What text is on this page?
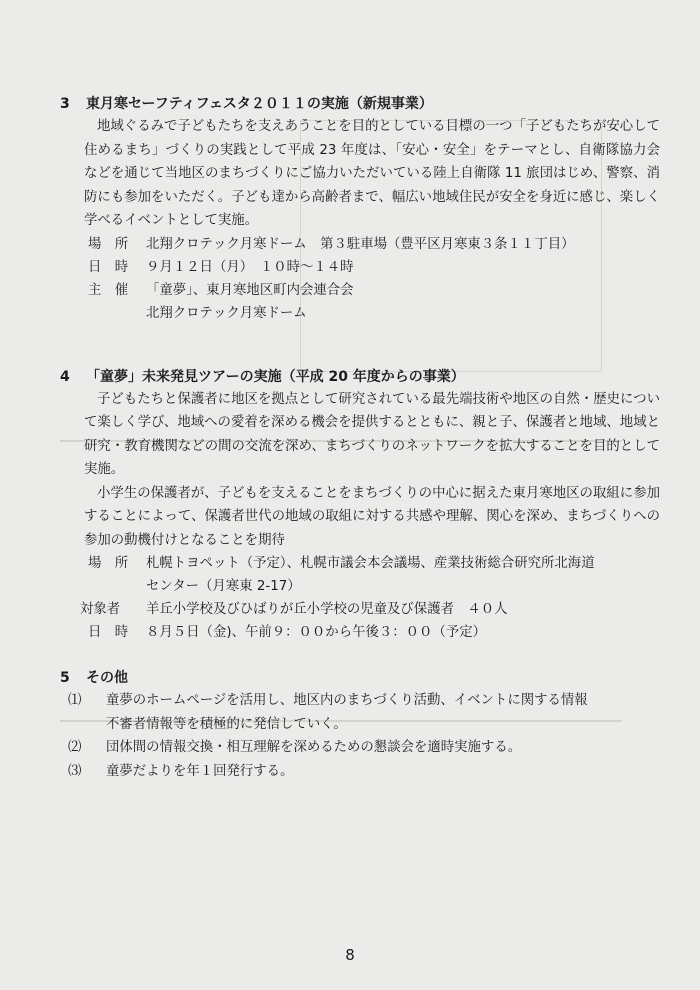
3 東月寒セーフティフェスタ２０１１の実施（新規事業）

地域ぐるみで子どもたちを支えあうことを目的としている目標の一つ「子どもたちが安心して住めるまち」づくりの実践として平成 23 年度は、「安心・安全」をテーマとし、自衛隊協力会などを通じて当地区のまちづくりにご協力いただいている陸上自衛隊 11 旅団はじめ、警察、消防にも参加をいただく。子ども達から高齢者まで、幅広い地域住民が安全を身近に感じ、楽しく学べるイベントとして実施。

場　所	北翔クロテック月寒ドーム　第３駐車場（豊平区月寒東３条１１丁目）
日　時	９月１２日（月）　１０時～１４時
主　催	「童夢」、東月寒地区町内会連合会
北翔クロテック月寒ドーム
4 「童夢」未来発見ツアーの実施（平成 20 年度からの事業）

子どもたちと保護者に地区を拠点として研究されている最先端技術や地区の自然・歴史について楽しく学び、地域への愛着を深める機会を提供するとともに、親と子、保護者と地域、地域と研究・教育機関などの間の交流を深め、まちづくりのネットワークを拡大することを目的として実施。

小学生の保護者が、子どもを支えることをまちづくりの中心に据えた東月寒地区の取組に参加することによって、保護者世代の地域の取組に対する共感や理解、関心を深め、まちづくりへの参加の動機付けとなることを期待

場　所	札幌トヨペット（予定）、札幌市議会本会議場、産業技術総合研究所北海道
センター（月寒東 2-17）
対象者	羊丘小学校及びひばりが丘小学校の児童及び保護者　４０人
日　時	８月５日（金)、午前９：００から午後３：００（予定）
5 その他
⑴	童夢のホームページを活用し、地区内のまちづくり活動、イベントに関する情報
不審者情報等を積極的に発信していく。
⑵	団体間の情報交換・相互理解を深めるための懇談会を適時実施する。
⑶	童夢だよりを年１回発行する。
8
